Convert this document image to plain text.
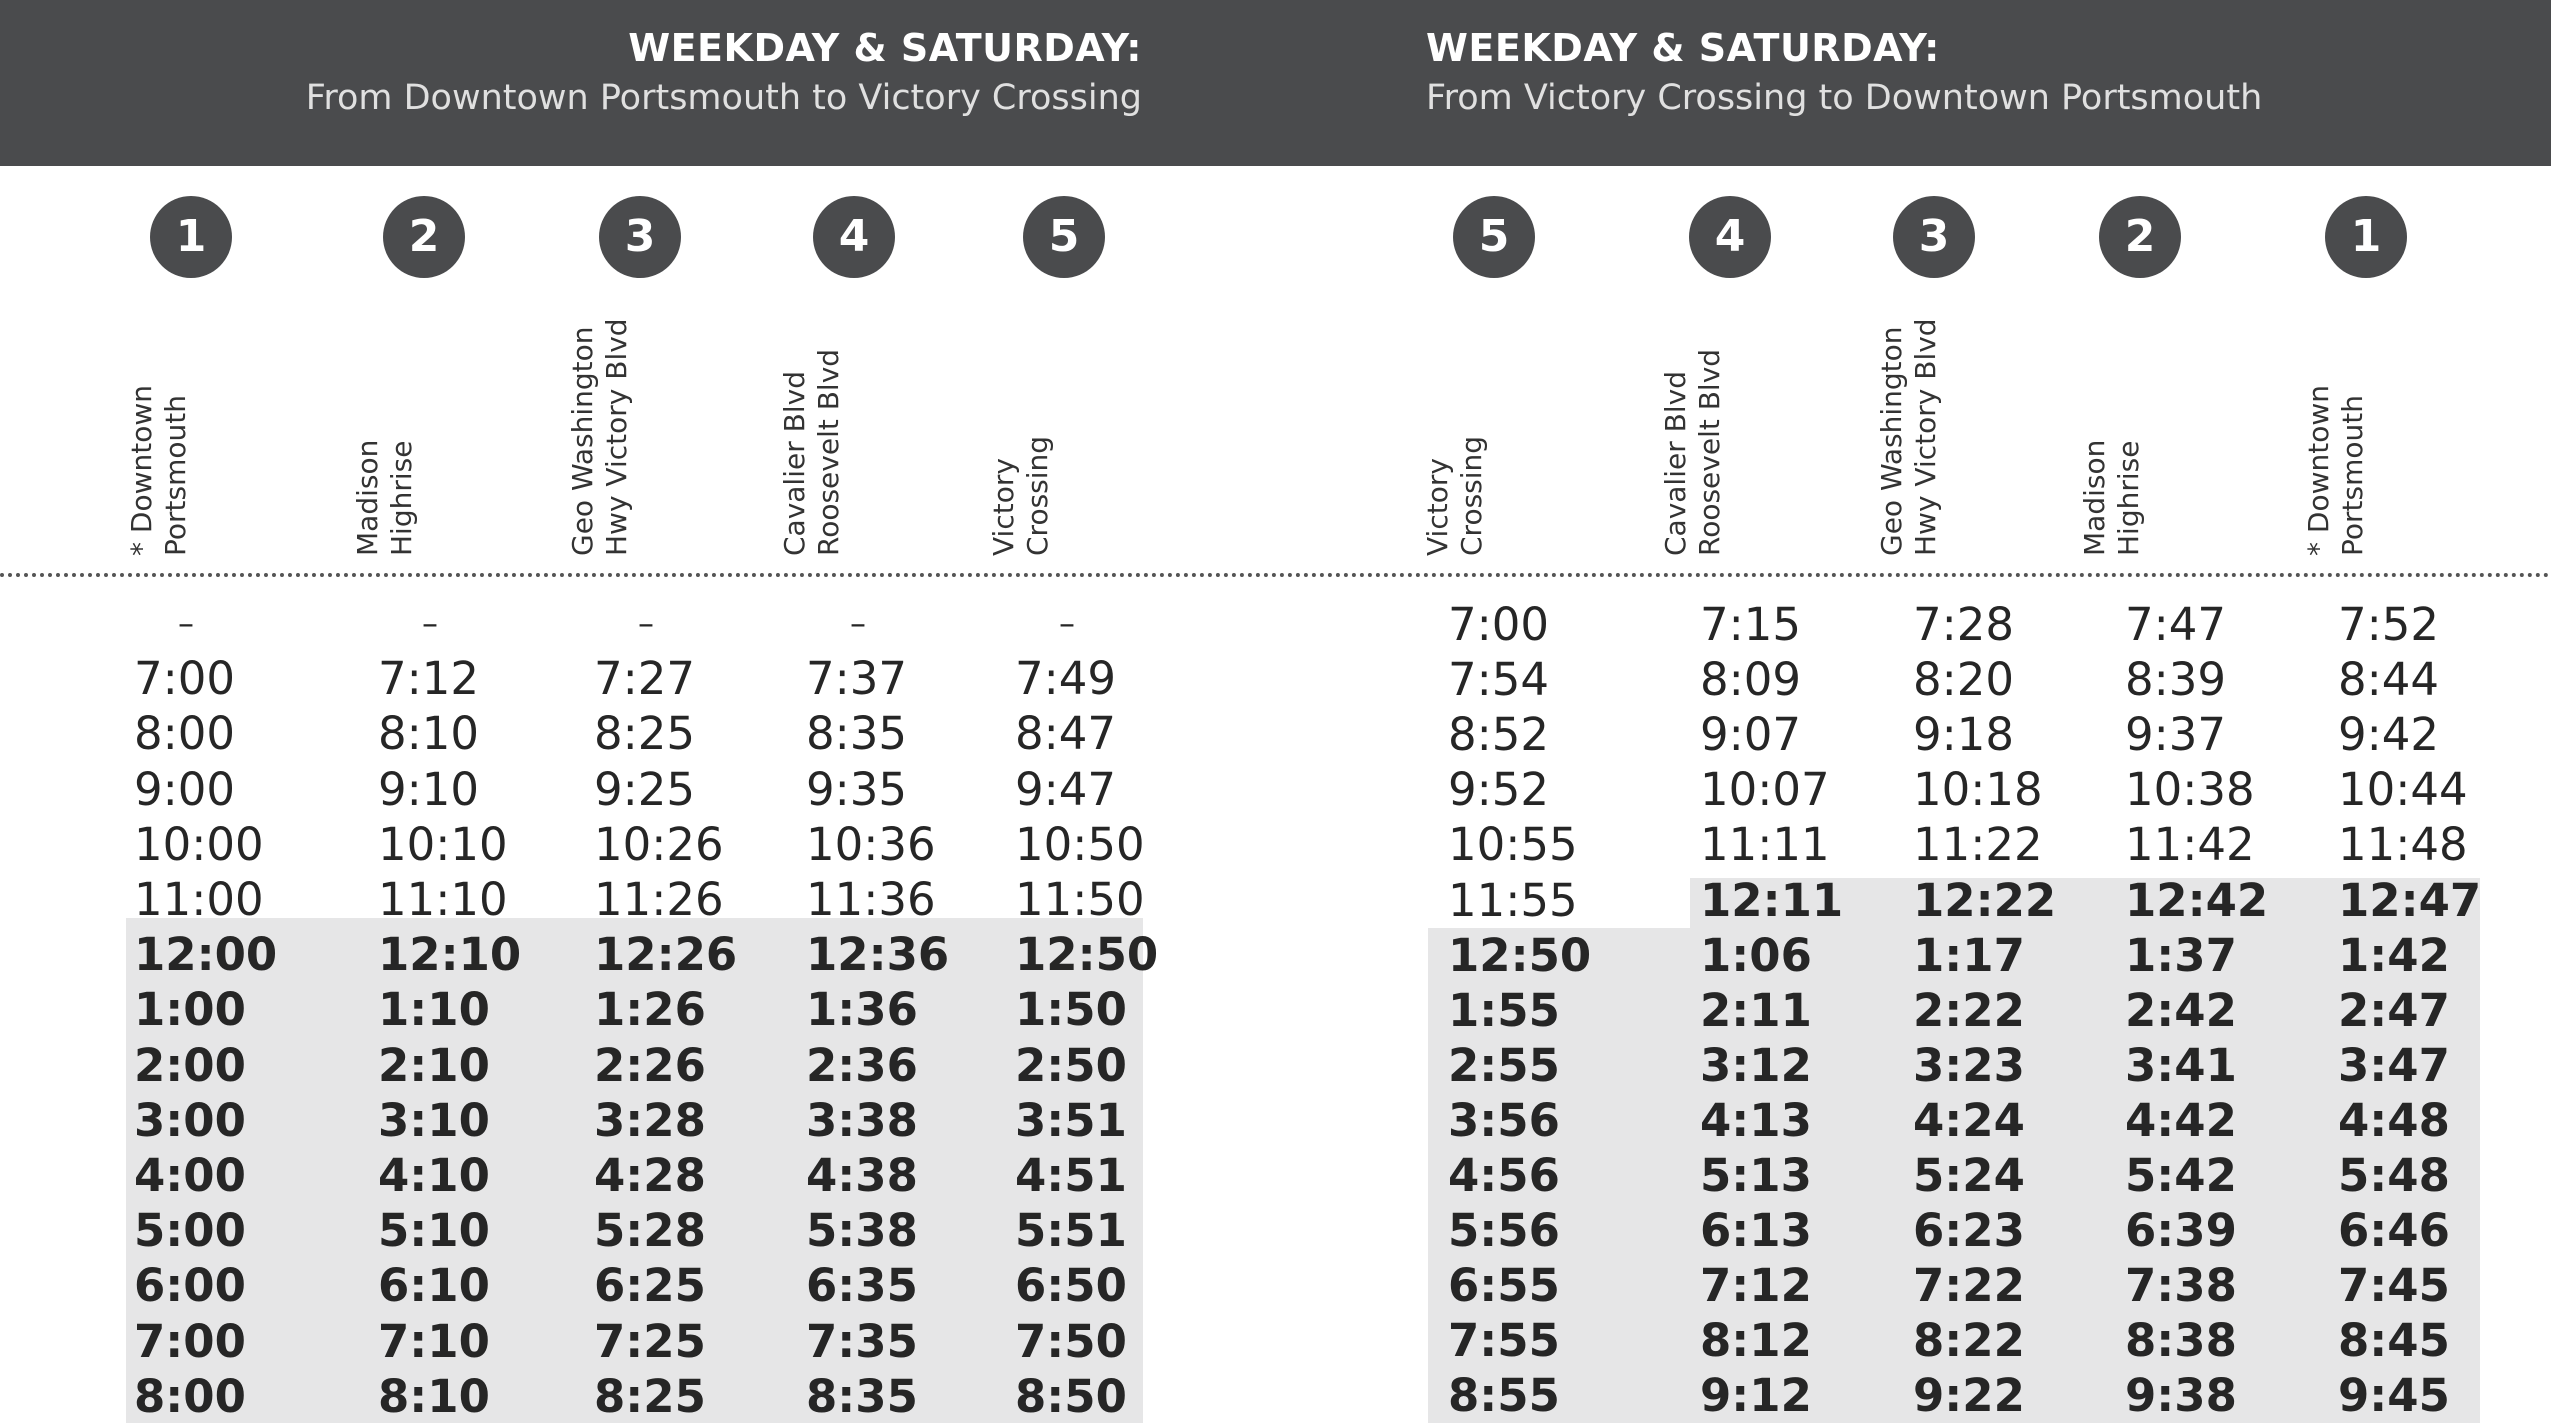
WEEKDAY & SATURDAY:
From Downtown Portsmouth to Victory Crossing
WEEKDAY & SATURDAY:
From Victory Crossing to Downtown Portsmouth
1
* Downtown
Portsmouth
2
Madison
Highrise
3
Geo Washington
Hwy Victory Blvd
4
Cavalier Blvd
Roosevelt Blvd
5
Victory
Crossing
5
Victory
Crossing
4
Cavalier Blvd
Roosevelt Blvd
3
Geo Washington
Hwy Victory Blvd
2
Madison
Highrise
1
* Downtown
Portsmouth
–	–	–	–	–
7:00	7:12	7:27 7:37 7:49
8:00	8:10	8:25 8:35 8:47
9:00	9:10	9:25 9:35 9:47
10:00	10:10 10:26 10:36 10:50
11:00	11:10 11:26 11:36 11:50
12:00 12:10 12:26 12:36 12:50
1:00	1:10 1:26 1:36 1:50
2:00	2:10 2:26 2:36 2:50
3:00	3:10 3:28 3:38 3:51
4:00	4:10 4:28 4:38 4:51
5:00	5:10 5:28 5:38 5:51
6:00	6:10 6:25 6:35 6:50
7:00	7:10 7:25 7:35 7:50
8:00	8:10 8:25 8:35 8:50
7:00	7:15 7:28 7:47 7:52
7:54	8:09 8:20 8:39 8:44
8:52	9:07 9:18 9:37 9:42
9:52	10:07 10:18 10:38 10:44
10:55	11:11 11:22 11:42 11:48
11:55	12:11 12:22 12:42 12:47
12:50 1:06 1:17 1:37 1:42
1:55	2:11 2:22 2:42 2:47
2:55	3:12 3:23 3:41 3:47
3:56	4:13 4:24 4:42 4:48
4:56	5:13 5:24 5:42 5:48
5:56	6:13 6:23 6:39 6:46
6:55	7:12 7:22 7:38 7:45
7:55	8:12 8:22 8:38 8:45
8:55	9:12 9:22 9:38 9:45
